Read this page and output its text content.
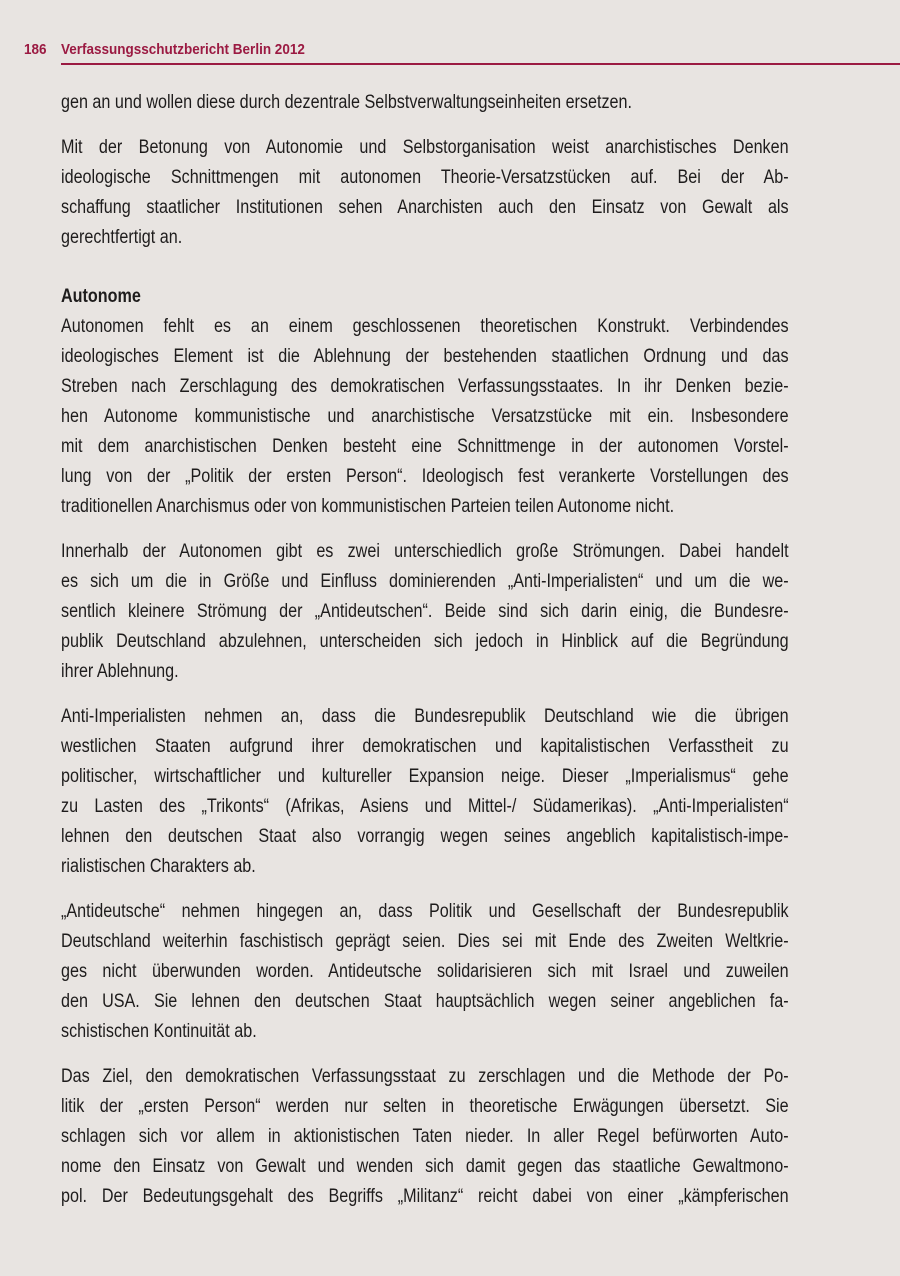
186 Verfassungsschutzbericht Berlin 2012
gen an und wollen diese durch dezentrale Selbstverwaltungseinheiten ersetzen.
Mit der Betonung von Autonomie und Selbstorganisation weist anarchistisches Denken
ideologische Schnittmengen mit autonomen Theorie-Versatzstücken auf. Bei der Ab-
schaffung staatlicher Institutionen sehen Anarchisten auch den Einsatz von Gewalt als
gerechtfertigt an.
Autonome
Autonomen fehlt es an einem geschlossenen theoretischen Konstrukt. Verbindendes
ideologisches Element ist die Ablehnung der bestehenden staatlichen Ordnung und das
Streben nach Zerschlagung des demokratischen Verfassungsstaates. In ihr Denken bezie-
hen Autonome kommunistische und anarchistische Versatzstücke mit ein. Insbesondere
mit dem anarchistischen Denken besteht eine Schnittmenge in der autonomen Vorstel-
lung von der „Politik der ersten Person“. Ideologisch fest verankerte Vorstellungen des
traditionellen Anarchismus oder von kommunistischen Parteien teilen Autonome nicht.
Innerhalb der Autonomen gibt es zwei unterschiedlich große Strömungen. Dabei handelt
es sich um die in Größe und Einfluss dominierenden „Anti-Imperialisten“ und um die we-
sentlich kleinere Strömung der „Antideutschen“. Beide sind sich darin einig, die Bundesre-
publik Deutschland abzulehnen, unterscheiden sich jedoch in Hinblick auf die Begründung
ihrer Ablehnung.
Anti-Imperialisten nehmen an, dass die Bundesrepublik Deutschland wie die übrigen
westlichen Staaten aufgrund ihrer demokratischen und kapitalistischen Verfasstheit zu
politischer, wirtschaftlicher und kultureller Expansion neige. Dieser „Imperialismus“ gehe
zu Lasten des „Trikonts“ (Afrikas, Asiens und Mittel-/ Südamerikas). „Anti-Imperialisten“
lehnen den deutschen Staat also vorrangig wegen seines angeblich kapitalistisch-impe-
rialistischen Charakters ab.
„Antideutsche“ nehmen hingegen an, dass Politik und Gesellschaft der Bundesrepublik
Deutschland weiterhin faschistisch geprägt seien. Dies sei mit Ende des Zweiten Weltkrie-
ges nicht überwunden worden. Antideutsche solidarisieren sich mit Israel und zuweilen
den USA. Sie lehnen den deutschen Staat hauptsächlich wegen seiner angeblichen fa-
schistischen Kontinuität ab.
Das Ziel, den demokratischen Verfassungsstaat zu zerschlagen und die Methode der Po-
litik der „ersten Person“ werden nur selten in theoretische Erwägungen übersetzt. Sie
schlagen sich vor allem in aktionistischen Taten nieder. In aller Regel befürworten Auto-
nome den Einsatz von Gewalt und wenden sich damit gegen das staatliche Gewaltmono-
pol. Der Bedeutungsgehalt des Begriffs „Militanz“ reicht dabei von einer „kämpferischen
